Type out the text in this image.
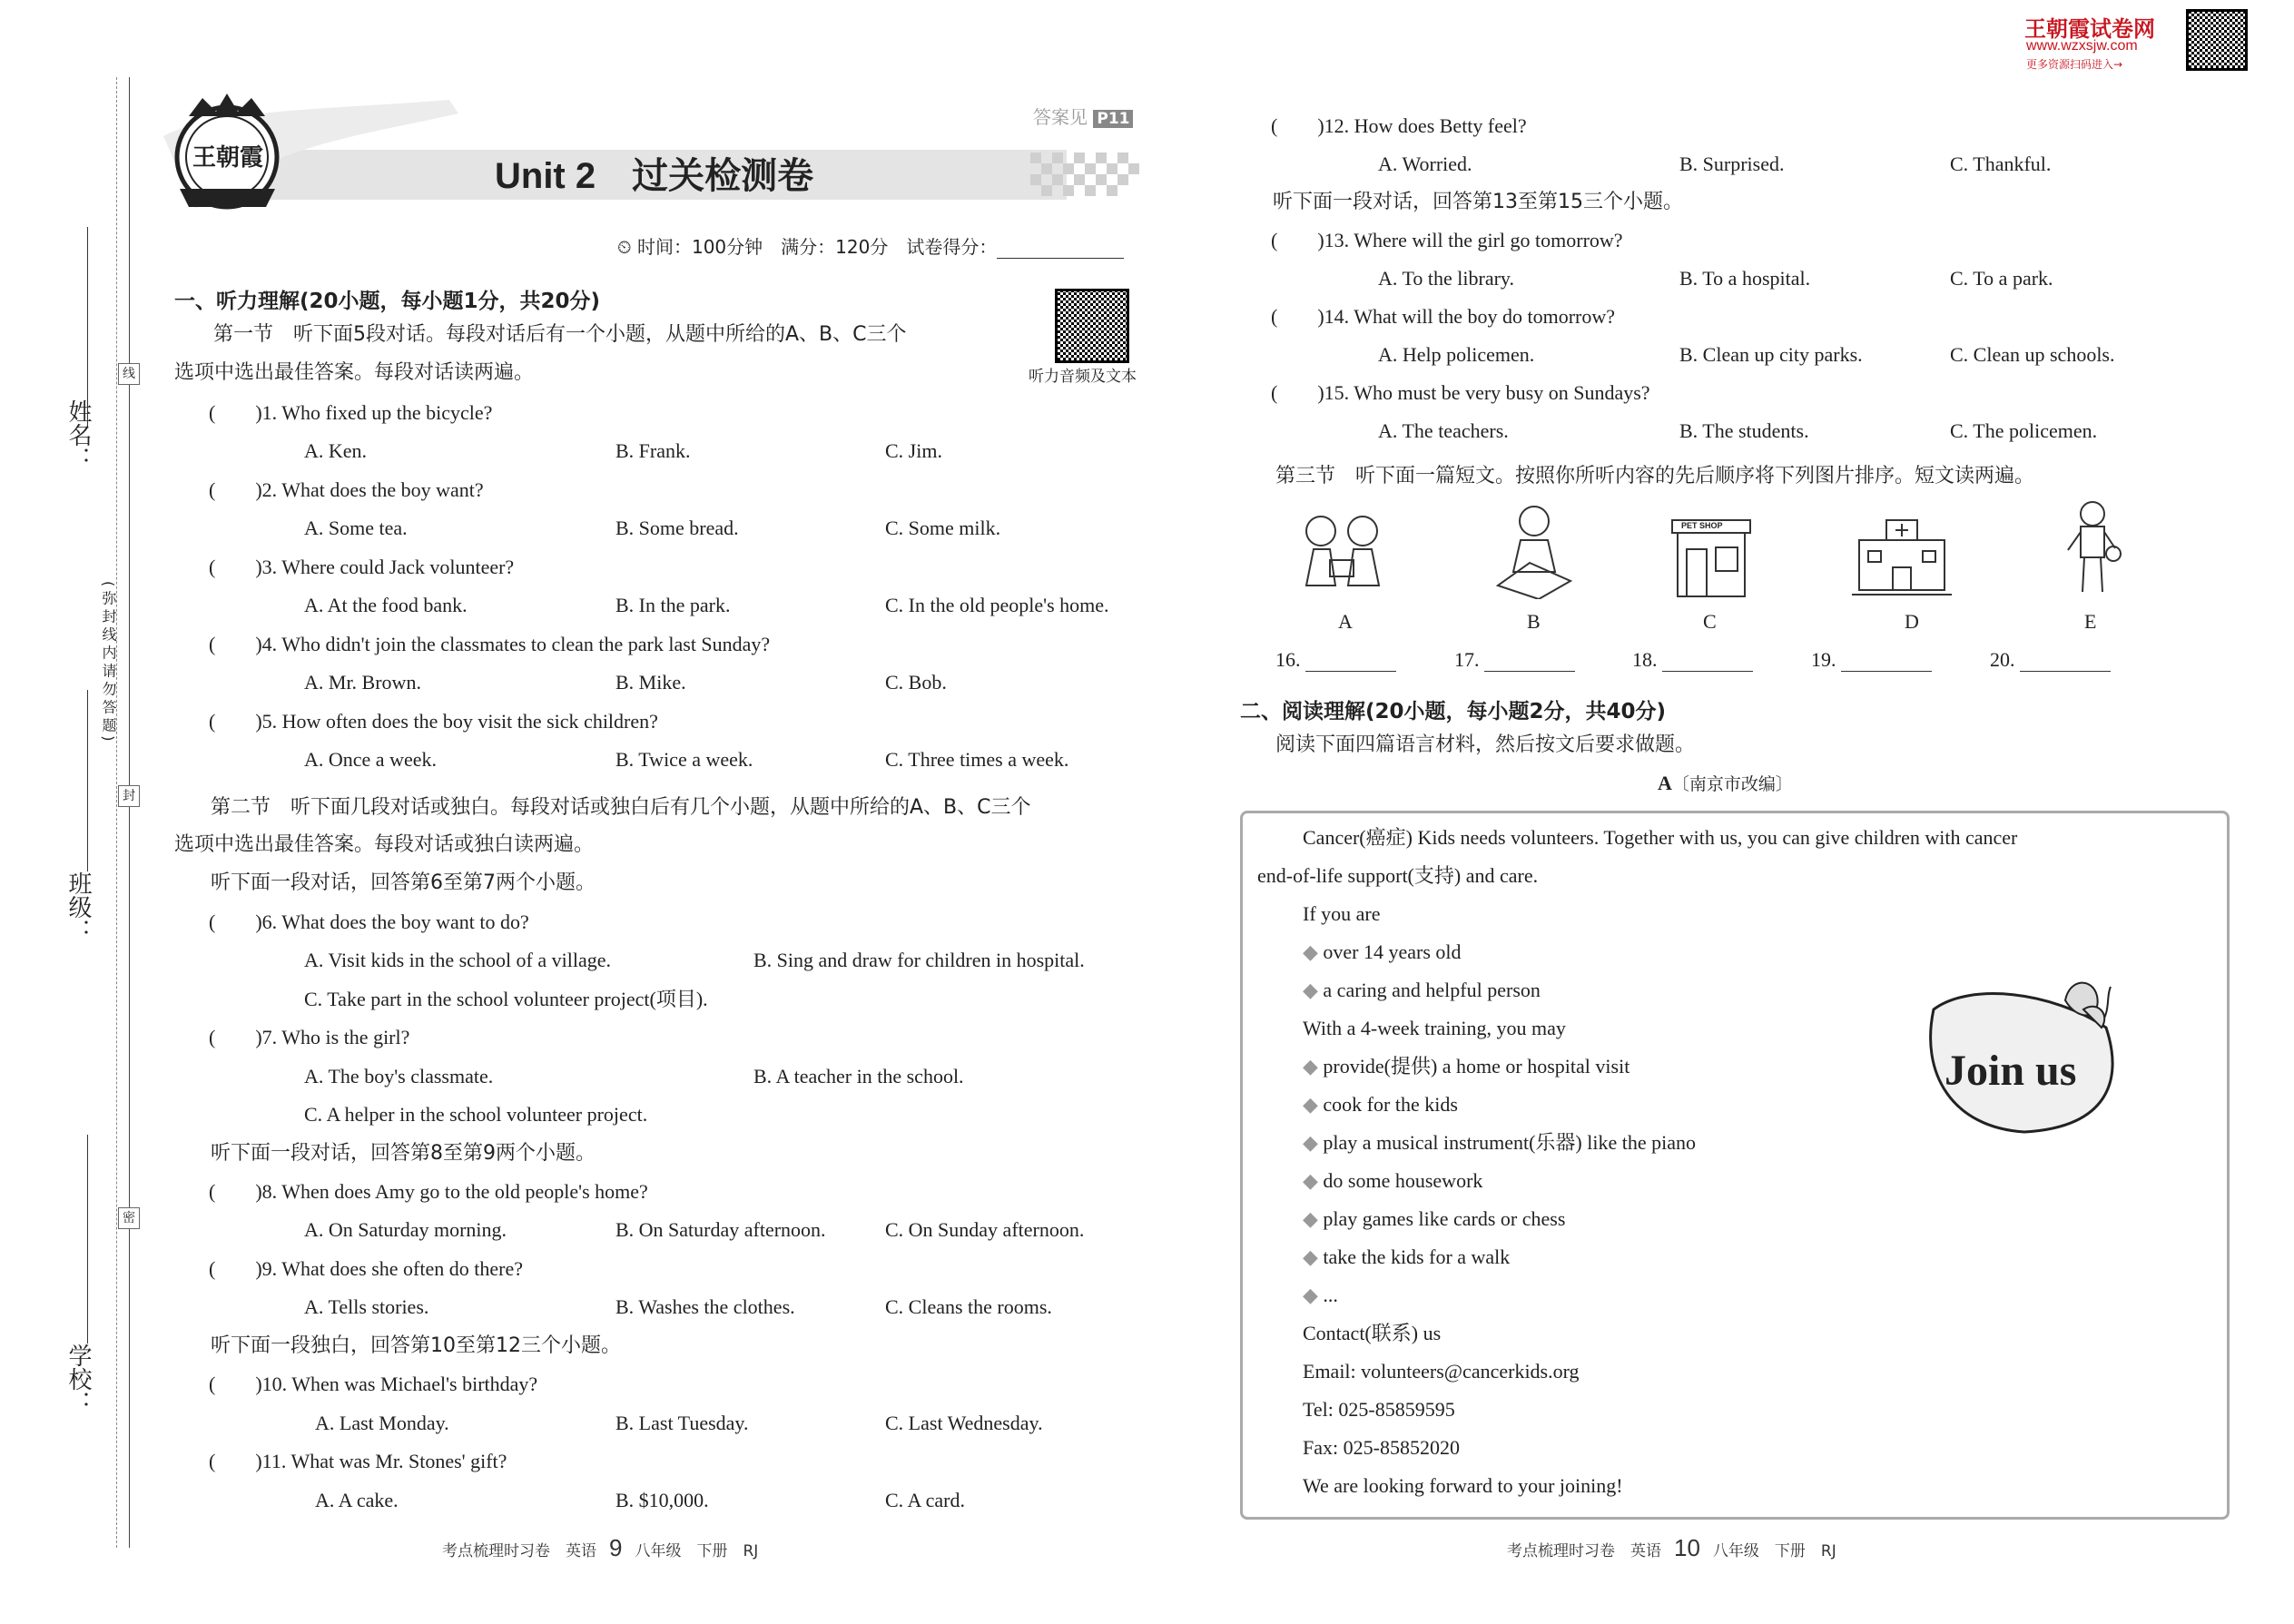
姓名：
班级：
学校：
(弥封线内请勿答题)
线
封
密
王朝霞
答案见 P11
Unit 2　过关检测卷
⏲ 时间：100分钟　满分：120分　试卷得分：
王朝霞试卷网
www.wzxsjw.com
更多资源扫码进入→
听力音频及文本
一、听力理解(20小题，每小题1分，共20分)
第一节　听下面5段对话。每段对话后有一个小题，从题中所给的A、B、C三个
选项中选出最佳答案。每段对话读两遍。
(　　)1. Who fixed up the bicycle?
A. Ken.	B. Frank.	C. Jim.
(　　)2. What does the boy want?
A. Some tea.	B. Some bread.	C. Some milk.
(　　)3. Where could Jack volunteer?
A. At the food bank.	B. In the park.	C. In the old people's home.
(　　)4. Who didn't join the classmates to clean the park last Sunday?
A. Mr. Brown.	B. Mike.	C. Bob.
(　　)5. How often does the boy visit the sick children?
A. Once a week.	B. Twice a week.	C. Three times a week.
第二节　听下面几段对话或独白。每段对话或独白后有几个小题，从题中所给的A、B、C三个
选项中选出最佳答案。每段对话或独白读两遍。
听下面一段对话，回答第6至第7两个小题。
(　　)6. What does the boy want to do?
A. Visit kids in the school of a village.	B. Sing and draw for children in hospital.
C. Take part in the school volunteer project(项目).
(　　)7. Who is the girl?
A. The boy's classmate.	B. A teacher in the school.
C. A helper in the school volunteer project.
听下面一段对话，回答第8至第9两个小题。
(　　)8. When does Amy go to the old people's home?
A. On Saturday morning.	B. On Saturday afternoon.	C. On Sunday afternoon.
(　　)9. What does she often do there?
A. Tells stories.	B. Washes the clothes.	C. Cleans the rooms.
听下面一段独白，回答第10至第12三个小题。
(　　)10. When was Michael's birthday?
A. Last Monday.	B. Last Tuesday.	C. Last Wednesday.
(　　)11. What was Mr. Stones' gift?
A. A cake.	B. $10,000.	C. A card.
考点梳理时习卷　英语 9 八年级　下册　RJ
(　　)12. How does Betty feel?
A. Worried.	B. Surprised.	C. Thankful.
听下面一段对话，回答第13至第15三个小题。
(　　)13. Where will the girl go tomorrow?
A. To the library.	B. To a hospital.	C. To a park.
(　　)14. What will the boy do tomorrow?
A. Help policemen.	B. Clean up city parks.	C. Clean up schools.
(　　)15. Who must be very busy on Sundays?
A. The teachers.	B. The students.	C. The policemen.
第三节　听下面一篇短文。按照你所听内容的先后顺序将下列图片排序。短文读两遍。
PET SHOP
A	B	C	D	E
16.	17.	18.	19.	20.
二、阅读理解(20小题，每小题2分，共40分)
阅读下面四篇语言材料，然后按文后要求做题。
A〔南京市改编〕
Cancer(癌症) Kids needs volunteers. Together with us, you can give children with cancer
end-of-life support(支持) and care.
If you are
◆ over 14 years old
◆ a caring and helpful person
With a 4-week training, you may
◆ provide(提供) a home or hospital visit
◆ cook for the kids
◆ play a musical instrument(乐器) like the piano
◆ do some housework
◆ play games like cards or chess
◆ take the kids for a walk
◆ ...
Contact(联系) us
Email: volunteers@cancerkids.org
Tel: 025-85859595
Fax: 025-85852020
We are looking forward to your joining!
Join us
考点梳理时习卷　英语 10 八年级　下册　RJ
